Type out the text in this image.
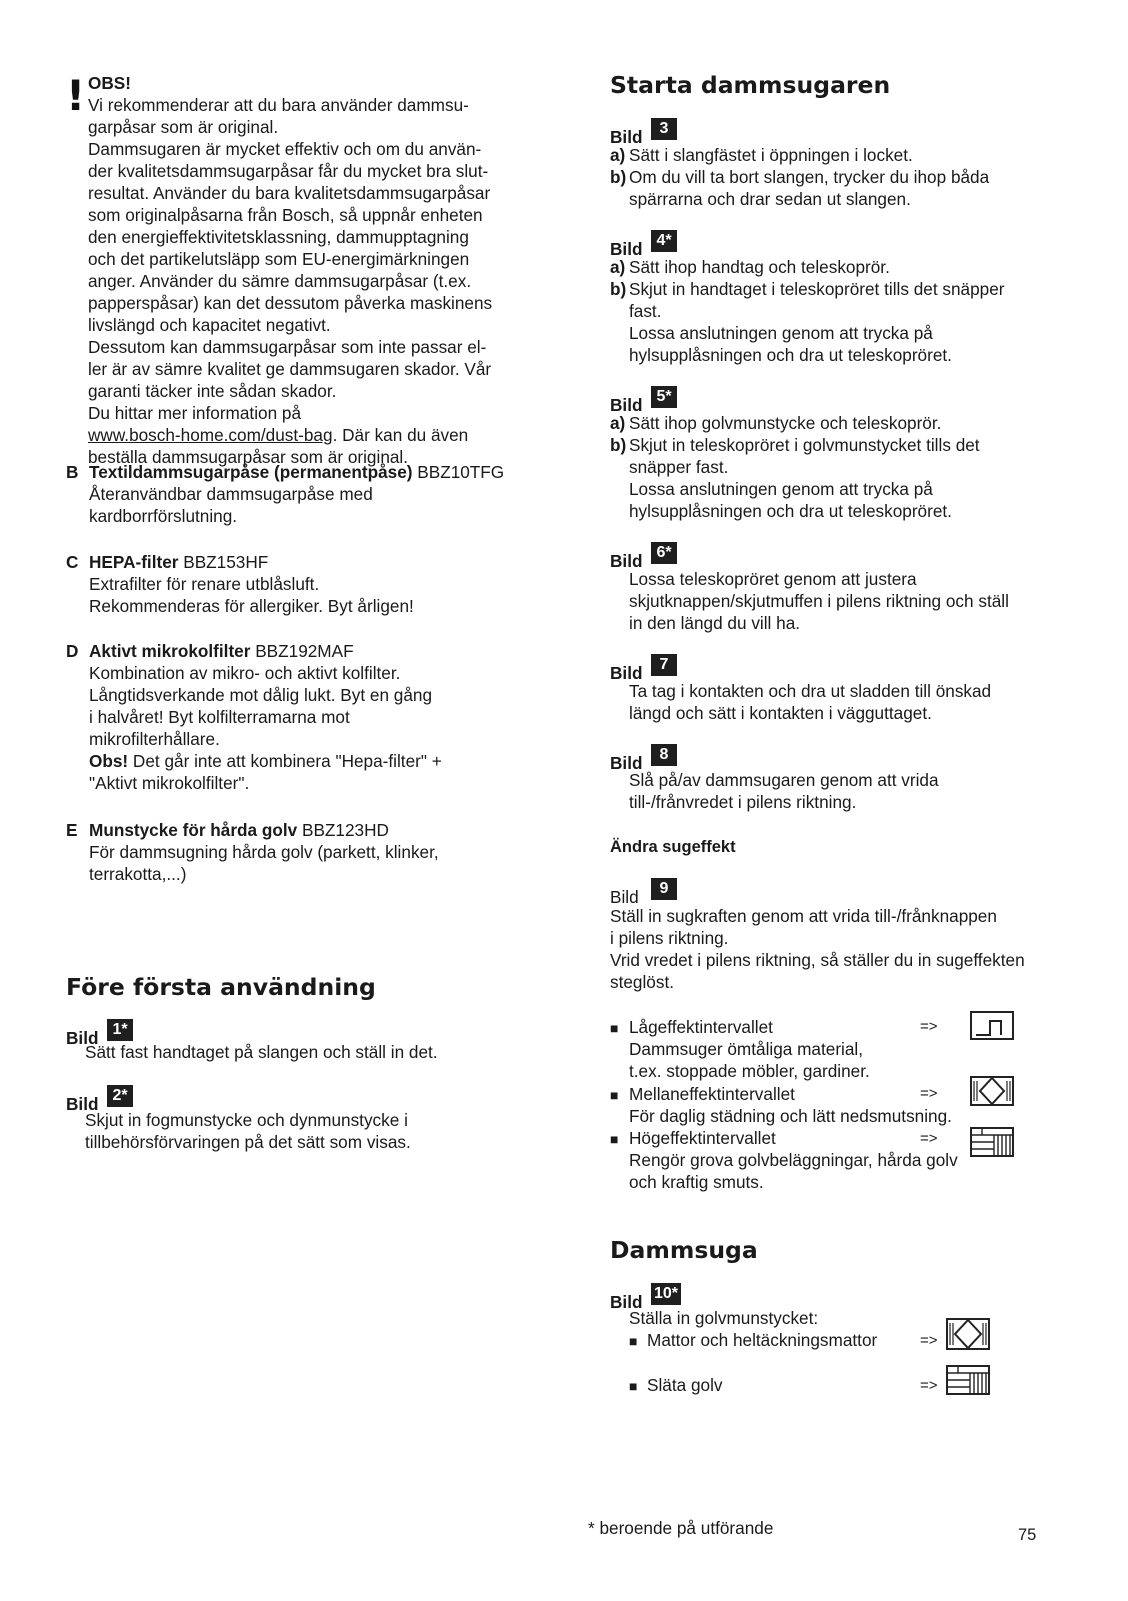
! OBS!
Vi rekommenderar att du bara använder dammsu-
garpåsar som är original.
Dammsugaren är mycket effektiv och om du använ-
der kvalitetsdammsugarpåsar får du mycket bra slut-
resultat. Använder du bara kvalitetsdammsugarpåsar
som originalpåsarna från Bosch, så uppnår enheten
den energieffektivitetsklassning, dammupptagning
och det partikelutsläpp som EU-energimärkningen
anger. Använder du sämre dammsugarpåsar (t.ex.
papperspåsar) kan det dessutom påverka maskinens
livslängd och kapacitet negativt.
Dessutom kan dammsugarpåsar som inte passar el-
ler är av sämre kvalitet ge dammsugaren skador. Vår
garanti täcker inte sådan skador.
Du hittar mer information på
www.bosch-home.com/dust-bag. Där kan du även
beställa dammsugarpåsar som är original.
B Textildammsugarpåse (permanentpåse) BBZ10TFG
Återanvändbar dammsugarpåse med
kardborrförslutning.
C HEPA-filter BBZ153HF
Extrafilter för renare utblåsluft.
Rekommenderas för allergiker. Byt årligen!
D Aktivt mikrokolfilter BBZ192MAF
Kombination av mikro- och aktivt kolfilter.
Långtidsverkande mot dålig lukt. Byt en gång
i halvåret! Byt kolfilterramarna mot
mikrofilterhållare.
Obs! Det går inte att kombinera "Hepa-filter" +
"Aktivt mikrokolfilter".
E Munstycke för hårda golv BBZ123HD
För dammsugning hårda golv (parkett, klinker,
terrakotta,...)
Före första användning
Bild 1*
Sätt fast handtaget på slangen och ställ in det.
Bild 2*
Skjut in fogmunstycke och dynmunstycke i
tillbehörsförvaringen på det sätt som visas.
Starta dammsugaren
Bild	3
a) Sätt i slangfästet i öppningen i locket.
b) Om du vill ta bort slangen, trycker du ihop båda
spärrarna och drar sedan ut slangen.
Bild 4*
a) Sätt ihop handtag och teleskoprör.
b) Skjut in handtaget i teleskopröret tills det snäpper
fast.
Lossa anslutningen genom att trycka på
hylsupplåsningen och dra ut teleskopröret.
Bild 5*
a) Sätt ihop golvmunstycke och teleskoprör.
b) Skjut in teleskopröret i golvmunstycket tills det
snäpper fast.
Lossa anslutningen genom att trycka på
hylsupplåsningen och dra ut teleskopröret.
Bild 6*
Lossa teleskopröret genom att justera
skjutknappen/skjutmuffen i pilens riktning och ställ
in den längd du vill ha.
Bild	7
Ta tag i kontakten och dra ut sladden till önskad
längd och sätt i kontakten i vägguttaget.
Bild	8
Slå på/av dammsugaren genom att vrida
till-/frånvredet i pilens riktning.
Ändra sugeffekt
Bild	9
Ställ in sugkraften genom att vrida till-/frånknappen
i pilens riktning.
Vrid vredet i pilens riktning, så ställer du in sugeffekten
steglöst.
■ Lågeffektintervallet	=>
Dammsuger ömtåliga material,
t.ex. stoppade möbler, gardiner.
■ Mellaneffektintervallet	=>
För daglig städning och lätt nedsmutsning.
■ Högeffektintervallet	=>
Rengör grova golvbeläggningar, hårda golv
och kraftig smuts.
Dammsuga
Bild 10*
Ställa in golvmunstycket:
■ Mattor och heltäckningsmattor	=>
■ Släta golv	=>
* beroende på utförande	75
